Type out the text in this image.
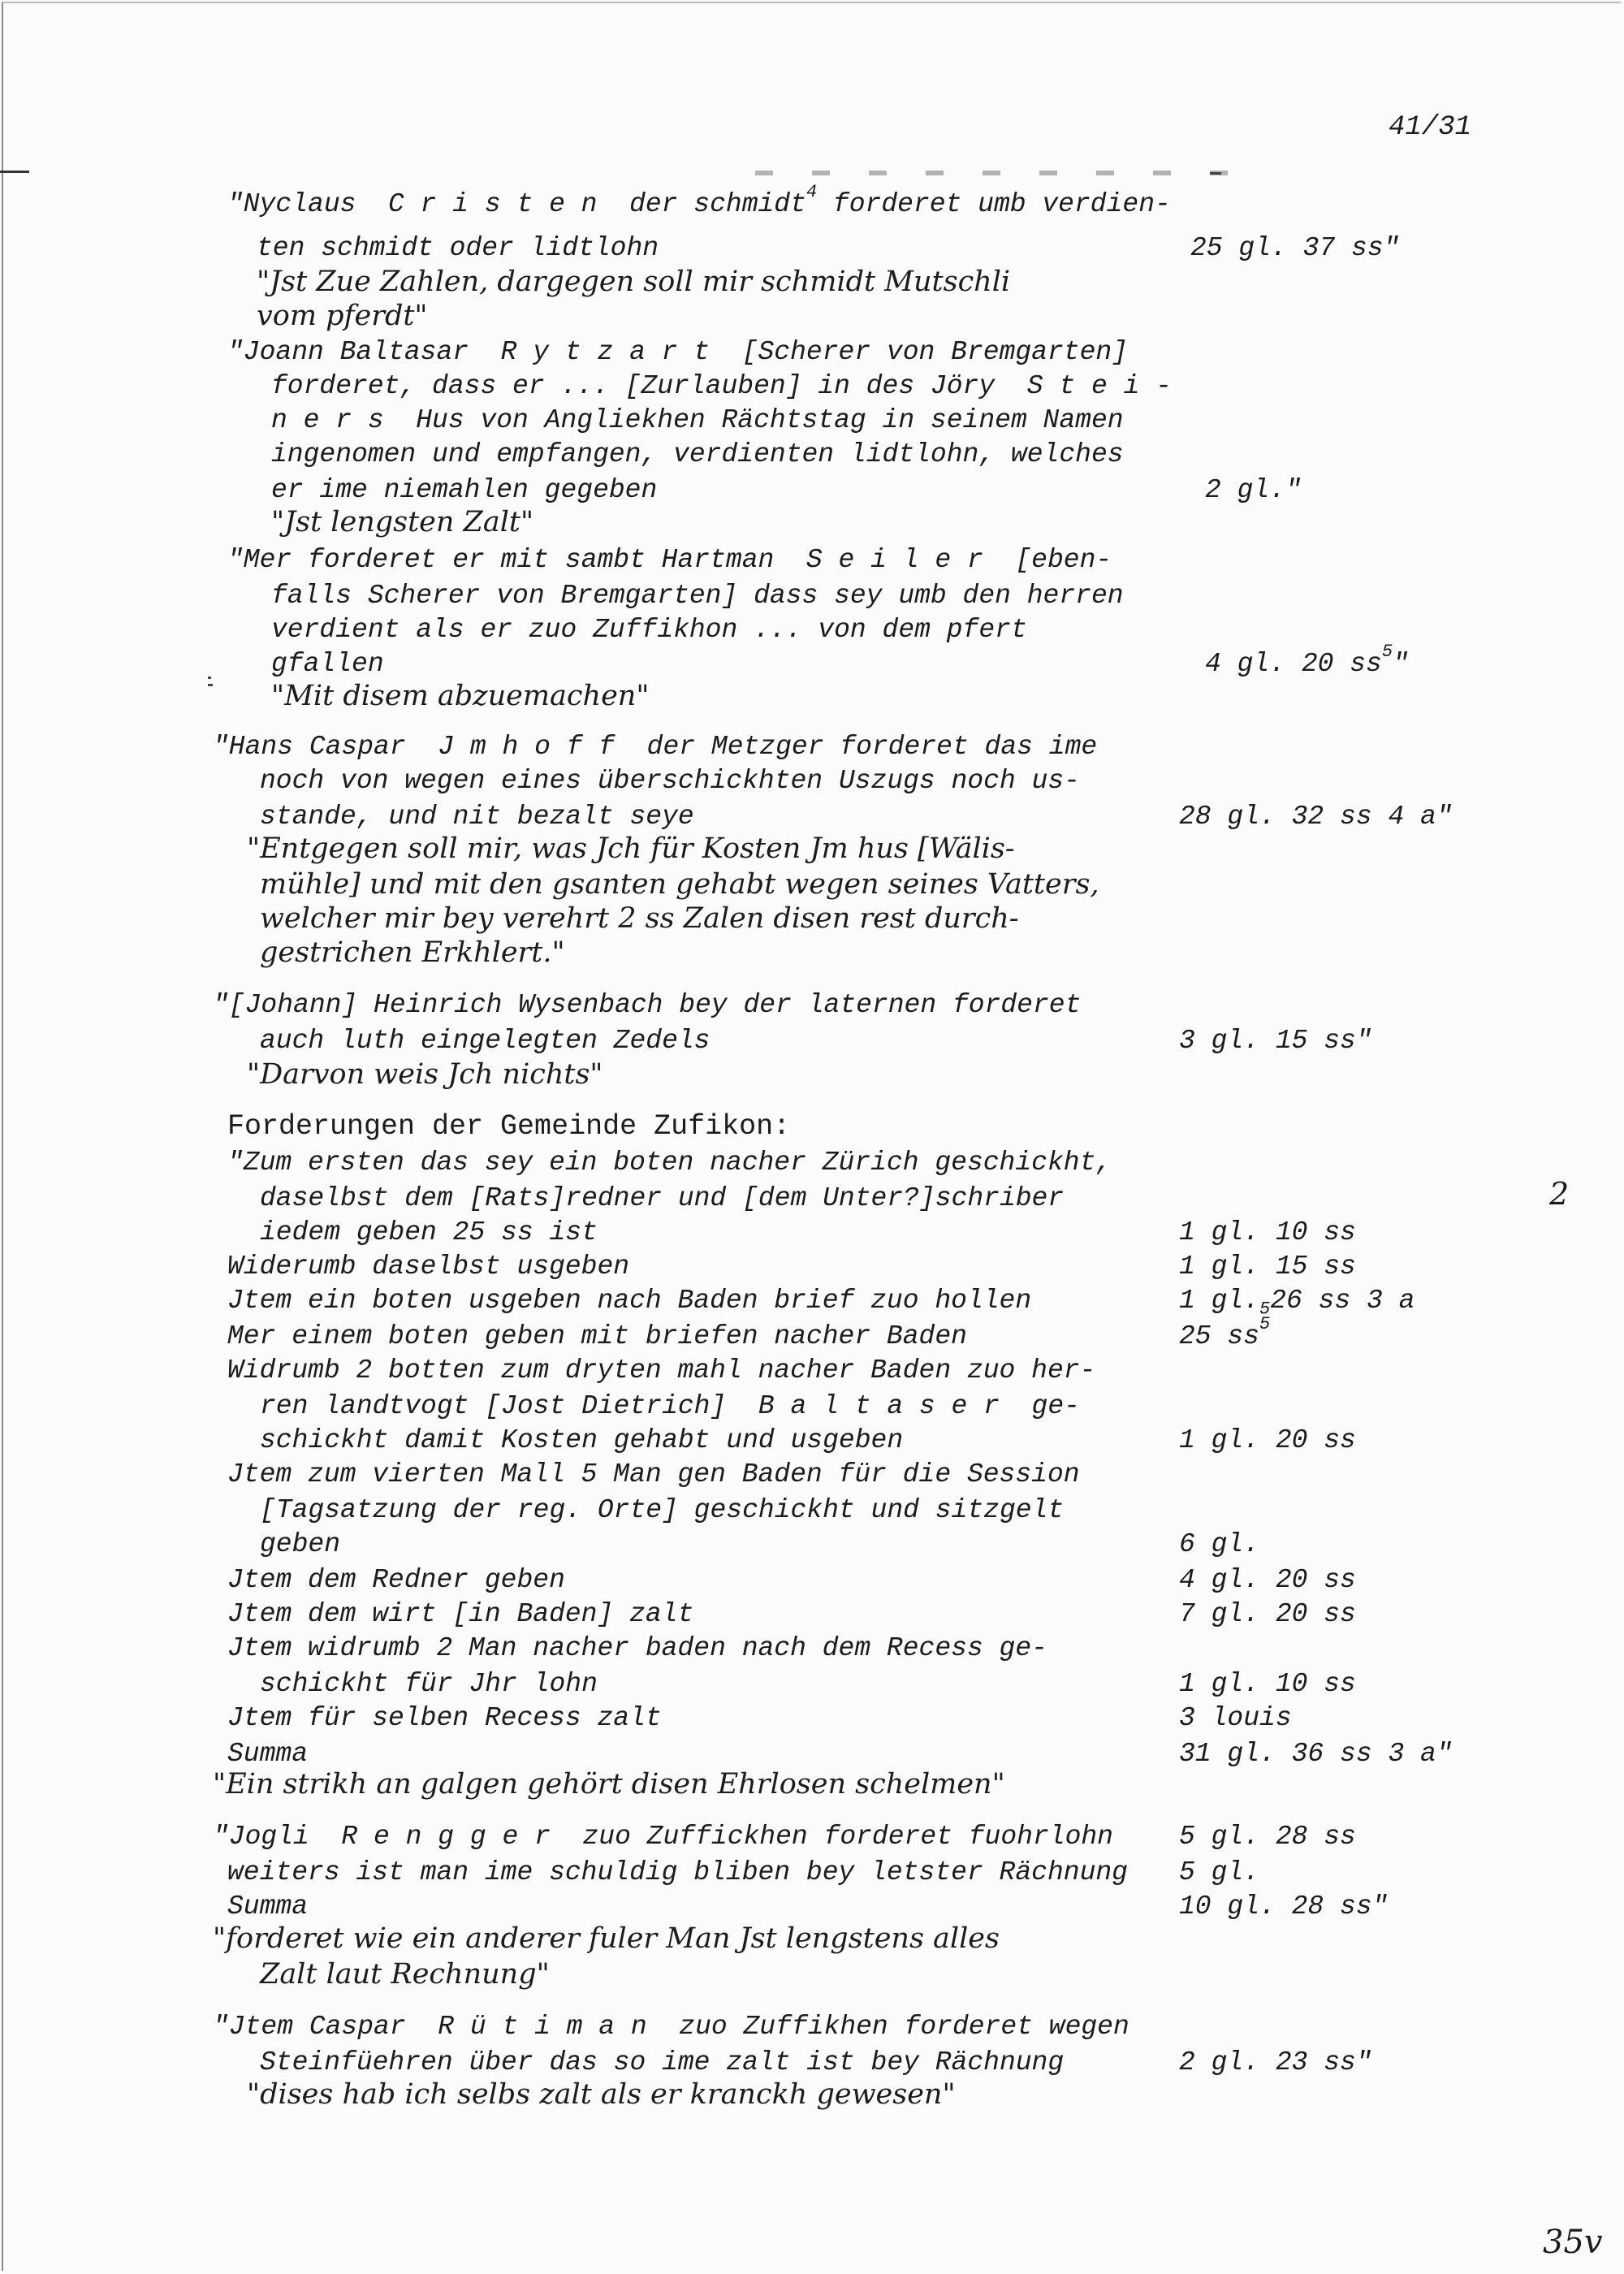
41/31
"Nyclaus  C r i s t e n  der schmidt$^4$ forderet umb verdien-
ten schmidt oder lidtlohn	25 gl. 37 ss"
"Jst Zue Zahlen, dargegen soll mir schmidt Mutschli
vom pferdt"
"Joann Baltasar  R y t z a r t  [Scherer von Bremgarten]
forderet, dass er ... [Zurlauben] in des Jöry  S t e i -
n e r s  Hus von Angliekhen Rächtstag in seinem Namen
ingenomen und empfangen, verdienten lidtlohn, welches
er ime niemahlen gegeben	2 gl."
"Jst lengsten Zalt"
"Mer forderet er mit sambt Hartman  S e i l e r  [eben-
falls Scherer von Bremgarten] dass sey umb den herren
verdient als er zuo Zuffikhon ... von dem pfert
gfallen	4 gl. 20 $ss^5$"
"Mit disem abzuemachen"
"Hans Caspar  J m h o f f  der Metzger forderet das ime
noch von wegen eines überschickhten Uszugs noch us-
stande, und nit bezalt seye	28 gl. 32 ss 4 a"
"Entgegen soll mir, was Jch für Kosten Jm hus [Wälis-
mühle] und mit den gsanten gehabt wegen seines Vatters,
welcher mir bey verehrt 2 ss Zalen disen rest durch-
gestrichen Erkhlert."
"[Johann] Heinrich Wysenbach bey der laternen forderet
auch luth eingelegten Zedels	3 gl. 15 ss"
"Darvon weis Jch nichts"
Forderungen der Gemeinde Zufikon:
"Zum ersten das sey ein boten nacher Zürich geschickht,
daselbst dem [Rats]redner und [dem Unter?]schriber
iedem geben 25 ss ist	1 gl. 10 ss
Widerumb daselbst usgeben	1 gl. 15 ss
Jtem ein boten usgeben nach Baden brief zuo hollen	1 $gl._526$ ss 3 a
Mer einem boten geben mit briefen nacher Baden	25 $ss^5$
Widrumb 2 botten zum dryten mahl nacher Baden zuo her-
ren landtvogt [Jost Dietrich]  B a l t a s e r  ge-
schickht damit Kosten gehabt und usgeben	1 gl. 20 ss
Jtem zum vierten Mall 5 Man gen Baden für die Session
[Tagsatzung der reg. Orte] geschickht und sitzgelt
geben	6 gl.
Jtem dem Redner geben	4 gl. 20 ss
Jtem dem wirt [in Baden] zalt	7 gl. 20 ss
Jtem widrumb 2 Man nacher baden nach dem Recess ge-
schickht für Jhr lohn	1 gl. 10 ss
Jtem für selben Recess zalt	3 louis
Summa	31 gl. 36 ss 3 a"
"Ein strikh an galgen gehört disen Ehrlosen schelmen"
"Jogli  R e n g g e r  zuo Zuffickhen forderet fuohrlohn 5 gl. 28 ss
weiters ist man ime schuldig bliben bey letster Rächnung 5 gl.
Summa	10 gl. 28 ss"
"forderet wie ein anderer fuler Man Jst lengstens alles
Zalt laut Rechnung"
"Jtem Caspar  R ü t i m a n  zuo Zuffikhen forderet wegen
Steinfüehren über das so ime zalt ist bey Rächnung	2 gl. 23 ss"
"dises hab ich selbs zalt als er kranckh gewesen"
2
35v
